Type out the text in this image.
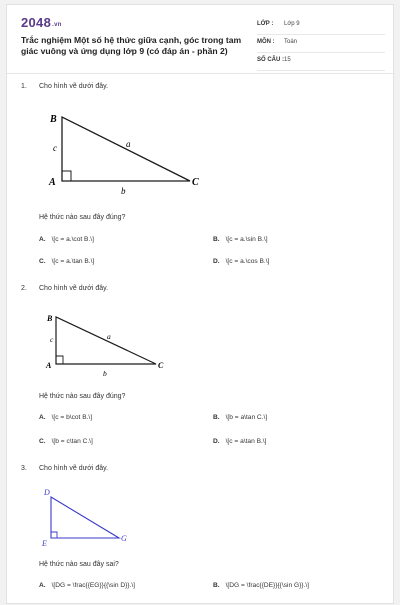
2048.vn
Trắc nghiệm Một số hệ thức giữa cạnh, góc trong tam giác vuông và ứng dụng lớp 9 (có đáp án - phần 2)
LỚP : Lớp 9
MÔN : Toán
SỐ CÂU : 15
1. Cho hình vẽ dưới đây.
B
A	C
a
c
b
Hệ thức nào sau đây đúng?
A. \[c = a.\cot B.\]	B. \[c = a.\sin B.\]
C. \[c = a.\tan B.\]	D. \[c = a.\cos B.\]
2. Cho hình vẽ dưới đây.
B
A	C
a
c
b
Hệ thức nào sau đây đúng?
A. \[c = b\cot B.\]	B. \[b = a\tan C.\]
C. \[b = c\tan C.\]	D. \[c = a\tan B.\]
3. Cho hình vẽ dưới đây.
D
E
G
Hệ thức nào sau đây sai?
A. \[DG = \frac{{EG}}{{\sin D}}.\]	B. \[DG = \frac{{DE}}{{\sin G}}.\]
